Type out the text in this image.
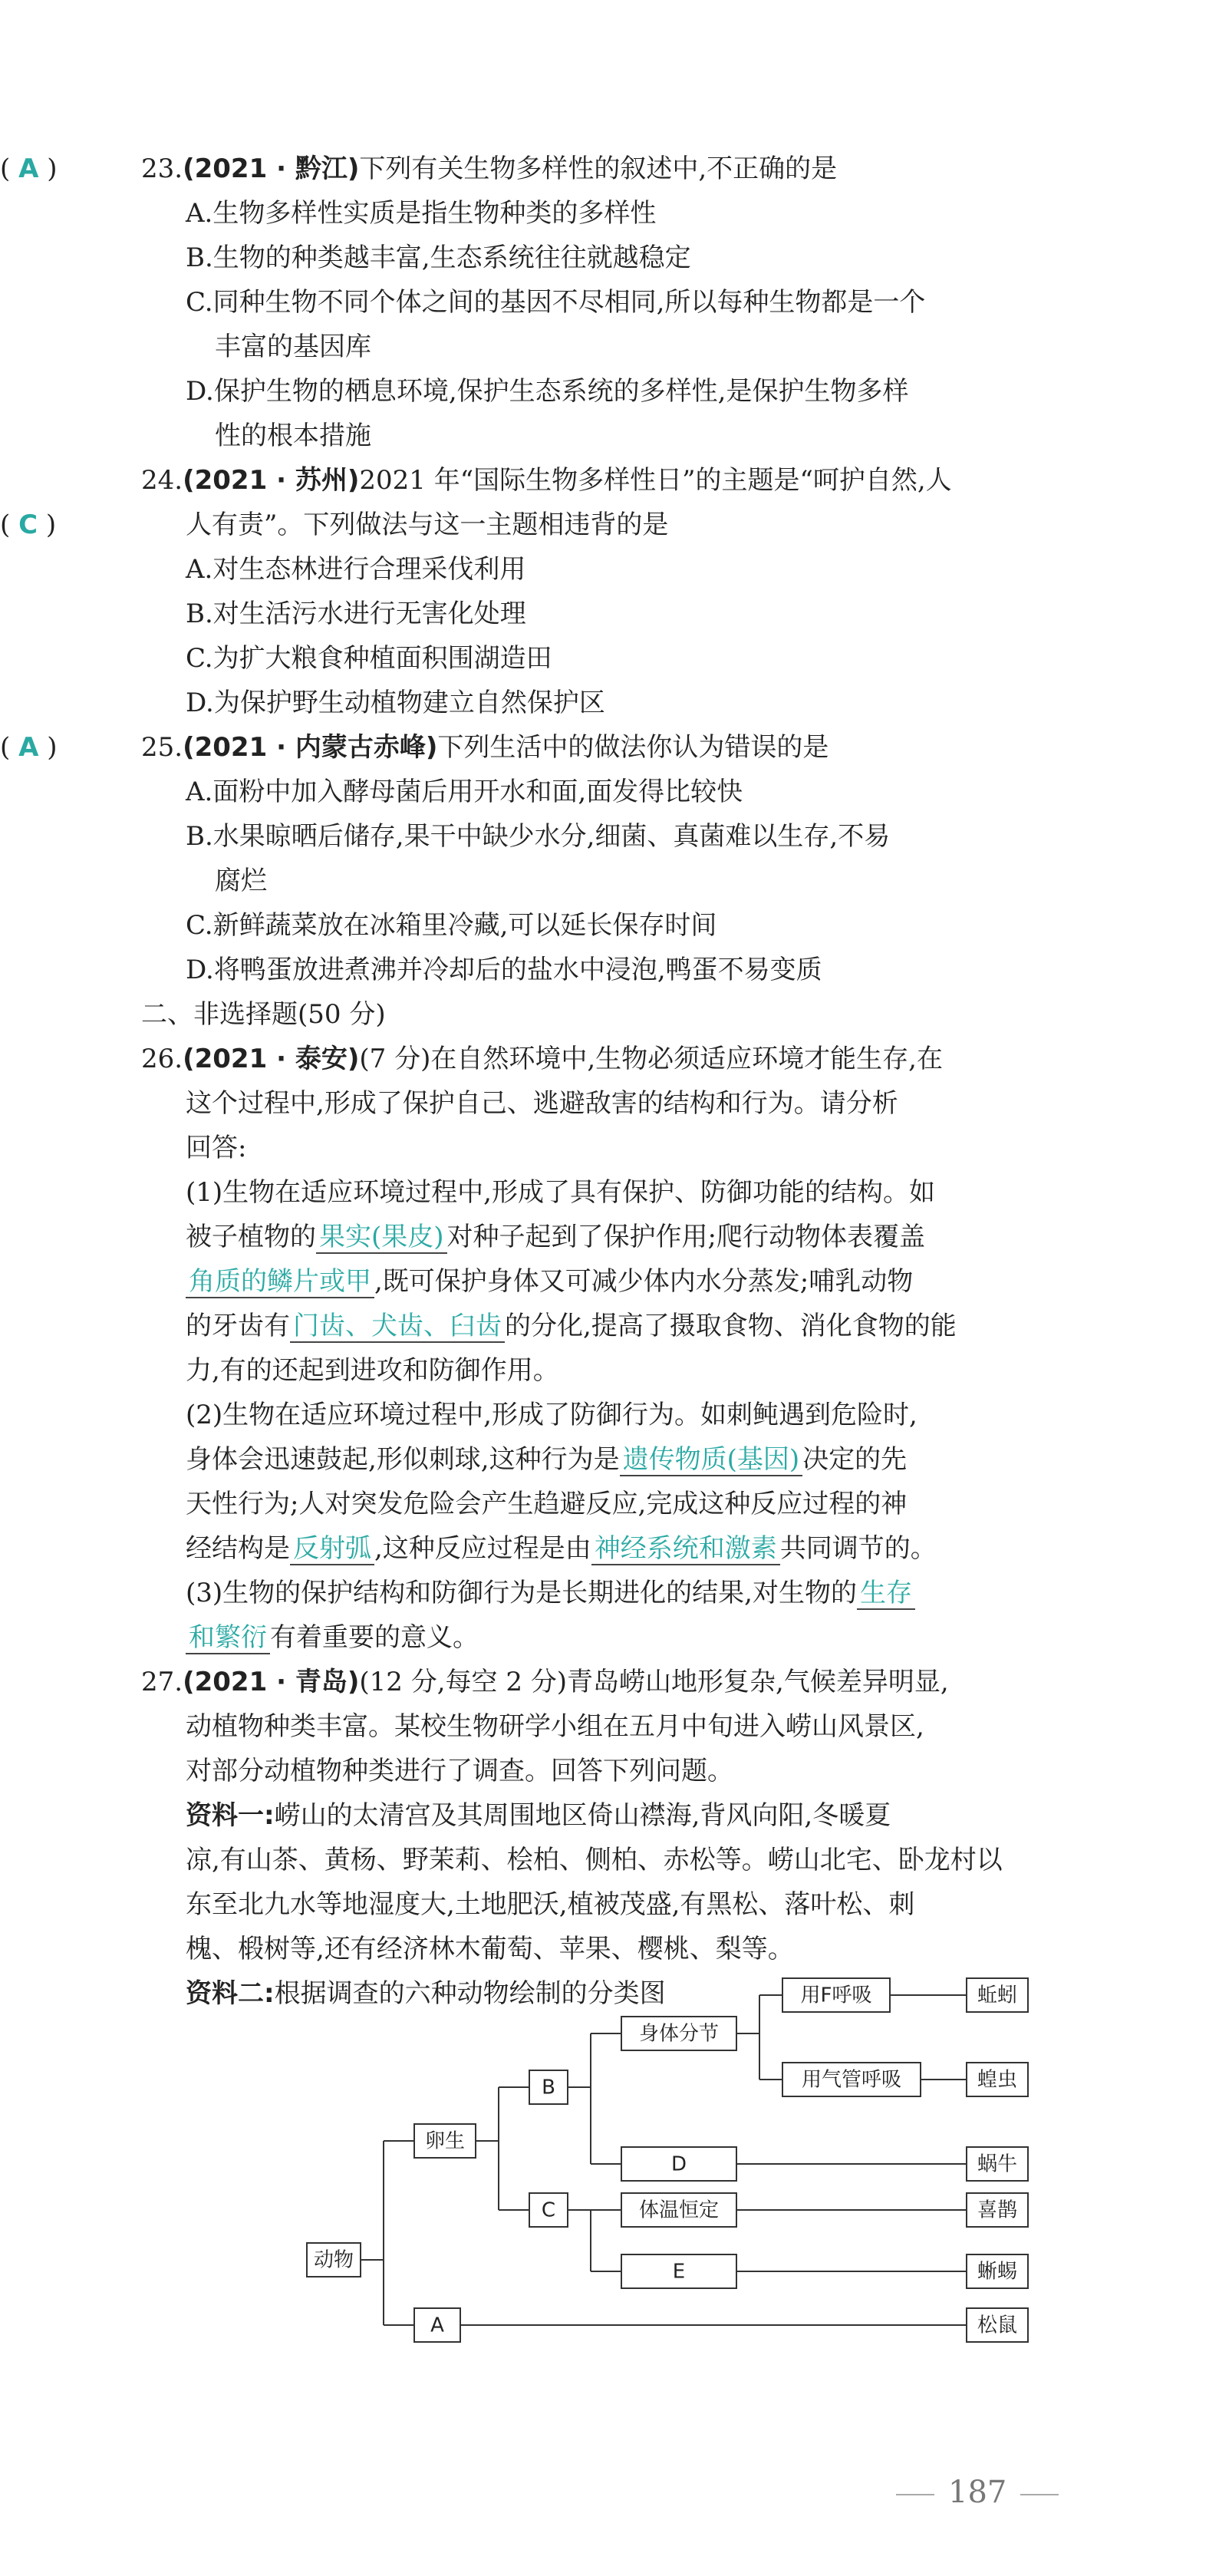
23.(2021 · 黔江)下列有关生物多样性的叙述中,不正确的是
( A )
A.生物多样性实质是指生物种类的多样性
B.生物的种类越丰富,生态系统往往就越稳定
C.同种生物不同个体之间的基因不尽相同,所以每种生物都是一个
丰富的基因库
D.保护生物的栖息环境,保护生态系统的多样性,是保护生物多样
性的根本措施
24.(2021 · 苏州)2021 年“国际生物多样性日”的主题是“呵护自然,人
人有责”。下列做法与这一主题相违背的是
( C )
A.对生态林进行合理采伐利用
B.对生活污水进行无害化处理
C.为扩大粮食种植面积围湖造田
D.为保护野生动植物建立自然保护区
25.(2021 · 内蒙古赤峰)下列生活中的做法你认为错误的是
( A )
A.面粉中加入酵母菌后用开水和面,面发得比较快
B.水果晾晒后储存,果干中缺少水分,细菌、真菌难以生存,不易
腐烂
C.新鲜蔬菜放在冰箱里冷藏,可以延长保存时间
D.将鸭蛋放进煮沸并冷却后的盐水中浸泡,鸭蛋不易变质
二、非选择题(50 分)
26.(2021 · 泰安)(7 分)在自然环境中,生物必须适应环境才能生存,在
这个过程中,形成了保护自己、逃避敌害的结构和行为。请分析
回答:
(1)生物在适应环境过程中,形成了具有保护、防御功能的结构。如
被子植物的 果实(果皮) 对种子起到了保护作用;爬行动物体表覆盖
角质的鳞片或甲 ,既可保护身体又可减少体内水分蒸发;哺乳动物
的牙齿有 门齿、犬齿、臼齿 的分化,提高了摄取食物、消化食物的能
力,有的还起到进攻和防御作用。
(2)生物在适应环境过程中,形成了防御行为。如刺鲀遇到危险时,
身体会迅速鼓起,形似刺球,这种行为是 遗传物质(基因) 决定的先
天性行为;人对突发危险会产生趋避反应,完成这种反应过程的神
经结构是 反射弧 ,这种反应过程是由 神经系统和激素 共同调节的。
(3)生物的保护结构和防御行为是长期进化的结果,对生物的 生存
和繁衍 有着重要的意义。
27.(2021 · 青岛)(12 分,每空 2 分)青岛崂山地形复杂,气候差异明显,
动植物种类丰富。某校生物研学小组在五月中旬进入崂山风景区,
对部分动植物种类进行了调查。回答下列问题。
资料一:崂山的太清宫及其周围地区倚山襟海,背风向阳,冬暖夏
凉,有山茶、黄杨、野茉莉、桧柏、侧柏、赤松等。崂山北宅、卧龙村以
东至北九水等地湿度大,土地肥沃,植被茂盛,有黑松、落叶松、刺
槐、椴树等,还有经济林木葡萄、苹果、樱桃、梨等。
资料二:根据调查的六种动物绘制的分类图
动物
卵生
A
B
C
身体分节
D
体温恒定
E
用F呼吸
用气管呼吸
蚯蚓
蝗虫
蜗牛
喜鹊
蜥蜴
松鼠
187
